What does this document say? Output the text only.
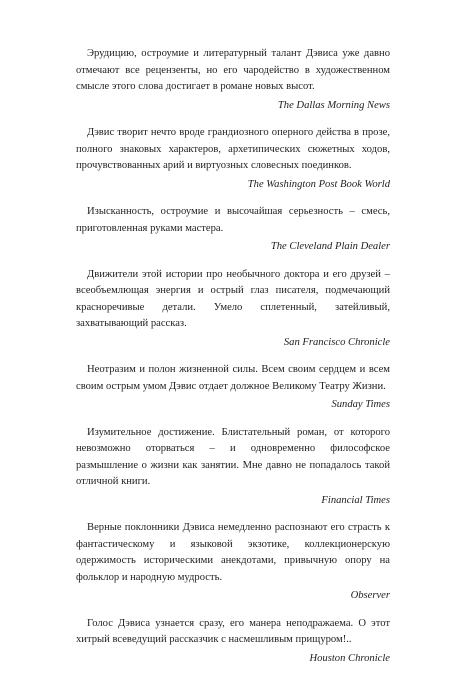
Эрудицию, остроумие и литературный талант Дэвиса уже давно отмечают все рецензенты, но его чародейство в художественном смысле этого слова достигает в романе новых высот.

The Dallas Morning News

Дэвис творит нечто вроде грандиозного оперного действа в прозе, полного знаковых характеров, архетипических сюжетных ходов, прочувствованных арий и виртуозных словесных поединков.

The Washington Post Book World

Изысканность, остроумие и высочайшая серьезность – смесь, приготовленная руками мастера.

The Cleveland Plain Dealer

Движители этой истории про необычного доктора и его друзей – всеобъемлющая энергия и острый глаз писателя, подмечающий красноречивые детали. Умело сплетенный, затейливый, захватывающий рассказ.

San Francisco Chronicle

Неотразим и полон жизненной силы. Всем своим сердцем и всем своим острым умом Дэвис отдает должное Великому Театру Жизни.

Sunday Times

Изумительное достижение. Блистательный роман, от которого невозможно оторваться – и одновременно философское размышление о жизни как занятии. Мне давно не попадалось такой отличной книги.

Financial Times

Верные поклонники Дэвиса немедленно распознают его страсть к фантастическому и языковой экзотике, коллекционерскую одержимость историческими анекдотами, привычную опору на фольклор и народную мудрость.

Observer

Голос Дэвиса узнается сразу, его манера неподражаема. О этот хитрый всеведущий рассказчик с насмешливым прищуром!..

Houston Chronicle
